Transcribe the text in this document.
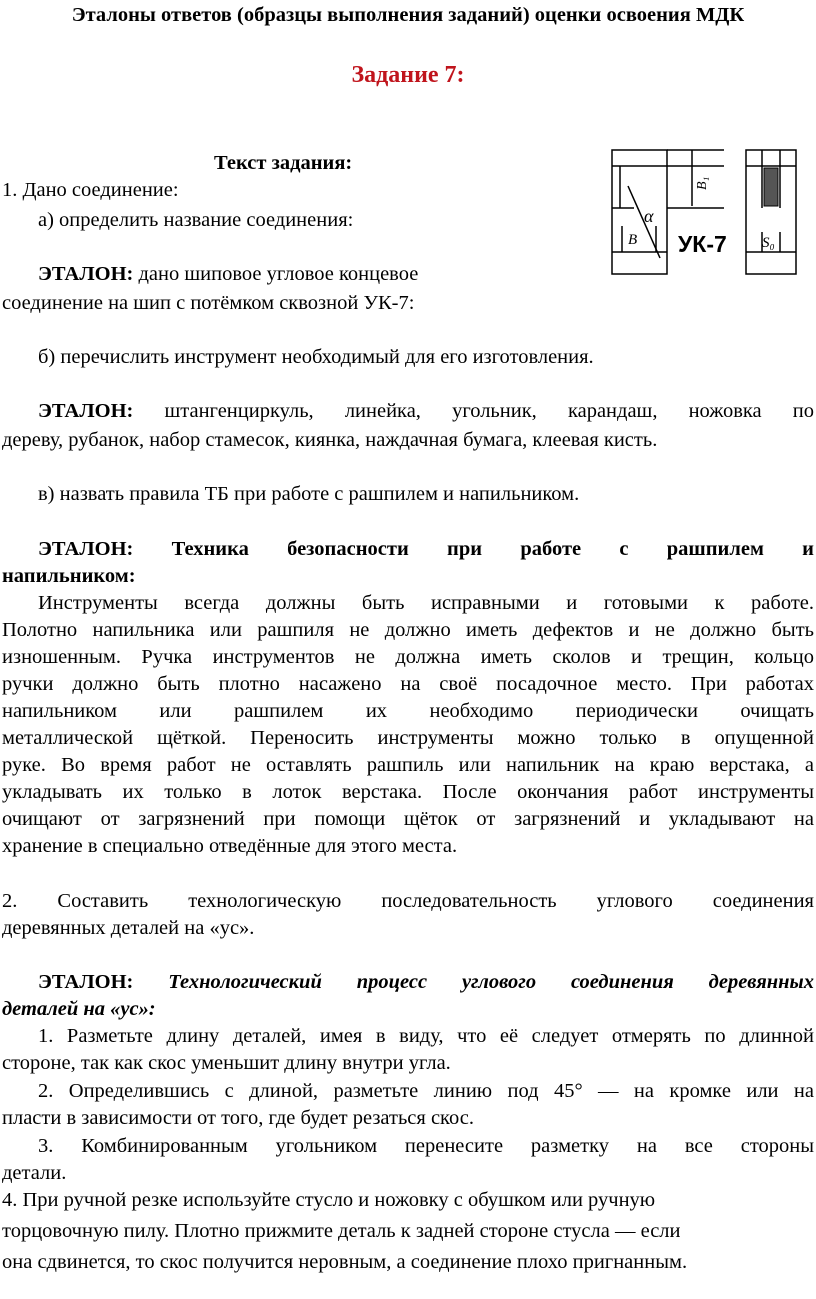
Эталоны ответов (образцы выполнения заданий) оценки освоения МДК
Задание 7:
Текст задания:
B₁
α
B	S₀
УК-7
1. Дано соединение:
а) определить название соединения:
ЭТАЛОН: дано шиповое угловое концевое
соединение на шип с потёмком сквозной УК-7:
б) перечислить инструмент необходимый для его изготовления.
ЭТАЛОН: штангенциркуль, линейка, угольник, карандаш, ножовка по
дереву, рубанок, набор стамесок, киянка, наждачная бумага, клеевая кисть.
в) назвать правила ТБ при работе с рашпилем и напильником.
ЭТАЛОН: Техника безопасности при работе с рашпилем и
напильником:
Инструменты всегда должны быть исправными и готовыми к работе.
Полотно напильника или рашпиля не должно иметь дефектов и не должно быть
изношенным. Ручка инструментов не должна иметь сколов и трещин, кольцо
ручки должно быть плотно насажено на своё посадочное место. При работах
напильником или рашпилем их необходимо периодически очищать
металлической щёткой. Переносить инструменты можно только в опущенной
руке. Во время работ не оставлять рашпиль или напильник на краю верстака, а
укладывать их только в лоток верстака. После окончания работ инструменты
очищают от загрязнений при помощи щёток от загрязнений и укладывают на
хранение в специально отведённые для этого места.
2. Составить технологическую последовательность углового соединения
деревянных деталей на «ус».
ЭТАЛОН: Технологический процесс углового соединения деревянных
деталей на «ус»:
1. Разметьте длину деталей, имея в виду, что её следует отмерять по длинной
стороне, так как скос уменьшит длину внутри угла.
2. Определившись с длиной, разметьте линию под 45° — на кромке или на
пласти в зависимости от того, где будет резаться скос.
3. Комбинированным угольником перенесите разметку на все стороны
детали.
4. При ручной резке используйте стусло и ножовку с обушком или ручную
торцовочную пилу. Плотно прижмите деталь к задней стороне стусла — если
она сдвинется, то скос получится неровным, а соединение плохо пригнанным.
